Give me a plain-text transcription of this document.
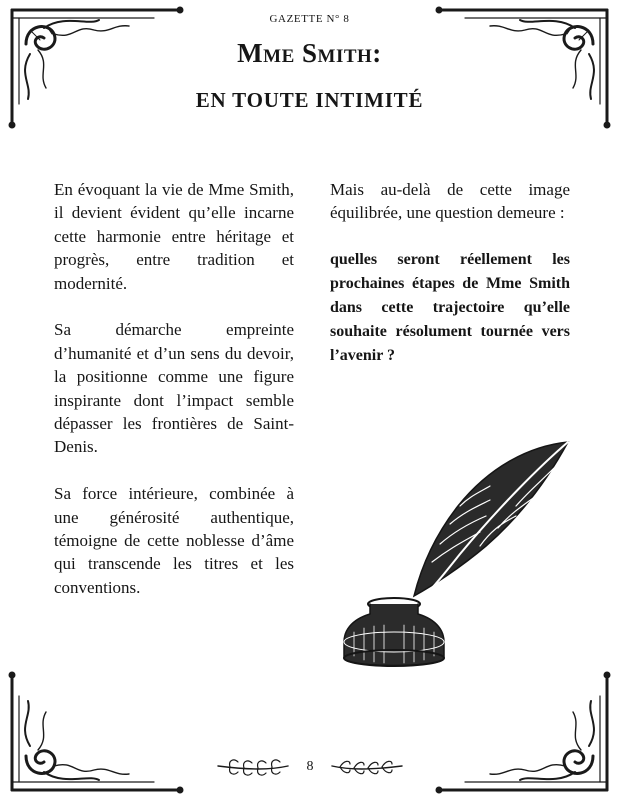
GAZETTE N° 8
Mme Smith:
EN TOUTE INTIMITÉ

En évoquant la vie de Mme Smith, il devient évident qu’elle incarne cette harmonie entre héritage et progrès, entre tradition et modernité.

Sa démarche empreinte d’humanité et d’un sens du devoir, la positionne comme une figure inspirante dont l’impact semble dépasser les frontières de Saint-Denis.

Sa force intérieure, combinée à une générosité authentique, témoigne de cette noblesse d’âme qui transcende les titres et les conventions.

Mais au-delà de cette image équilibrée, une question demeure :

quelles seront réellement les prochaines étapes de Mme Smith dans cette trajectoire qu’elle souhaite résolument tournée vers l’avenir ?

8
